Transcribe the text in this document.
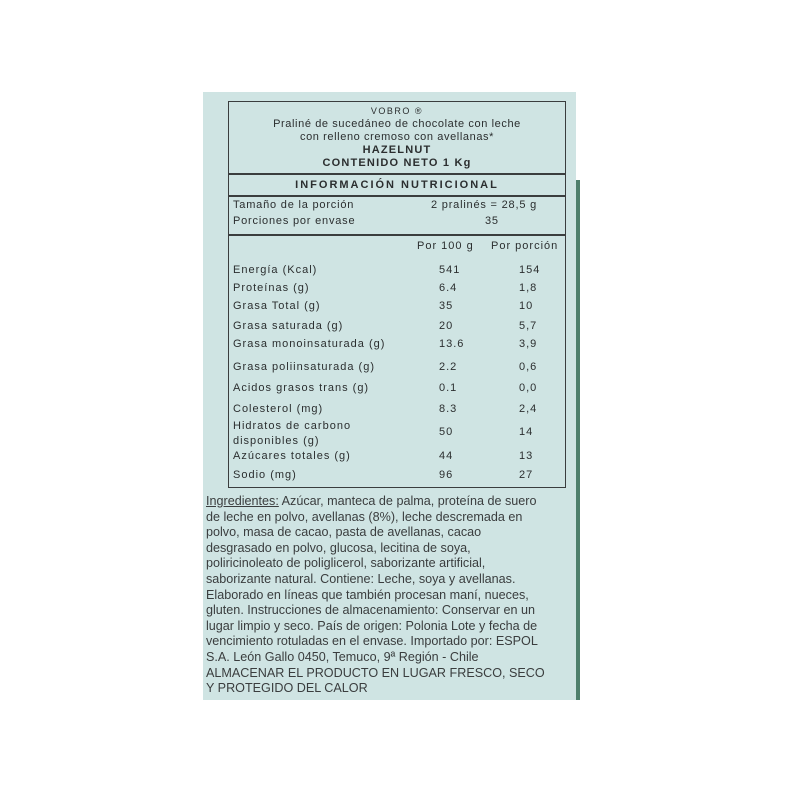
VOBRO ®
Praliné de sucedáneo de chocolate con leche
con relleno cremoso con avellanas*
HAZELNUT
CONTENIDO NETO 1 Kg
INFORMACIÓN NUTRICIONAL
Tamaño de la porción	2 pralinés = 28,5 g
Porciones por envase	35
Por 100 g Por porción
Energía (Kcal)	541	154
Proteínas (g)	6.4	1,8
Grasa Total (g)	35	10
Grasa saturada (g)	20	5,7
Grasa monoinsaturada (g)	13.6	3,9
Grasa poliinsaturada (g)	2.2	0,6
Acidos grasos trans (g)	0.1	0,0
Colesterol (mg)	8.3	2,4
Hidratos de carbono
disponibles (g)
50	14
Azúcares totales (g)	44	13
Sodio (mg)	96	27
Ingredientes: Azúcar, manteca de palma, proteína de suero
de leche en polvo, avellanas (8%), leche descremada en
polvo, masa de cacao, pasta de avellanas, cacao
desgrasado en polvo, glucosa, lecitina de soya,
poliricinoleato de poliglicerol, saborizante artificial,
saborizante natural. Contiene: Leche, soya y avellanas.
Elaborado en líneas que también procesan maní, nueces,
gluten. Instrucciones de almacenamiento: Conservar en un
lugar limpio y seco. País de origen: Polonia Lote y fecha de
vencimiento rotuladas en el envase. Importado por: ESPOL
S.A. León Gallo 0450, Temuco, 9ª Región - Chile
ALMACENAR EL PRODUCTO EN LUGAR FRESCO, SECO
Y PROTEGIDO DEL CALOR
